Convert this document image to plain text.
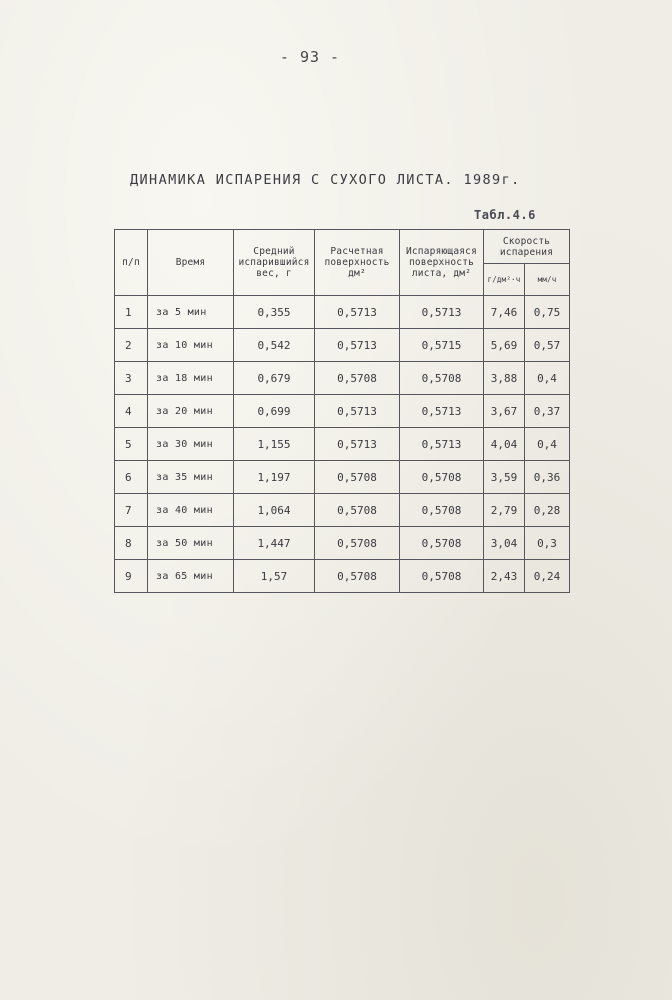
- 93 -
ДИНАМИКА ИСПАРЕНИЯ С СУХОГО ЛИСТА. 1989г.
Табл.4.6
п/п	Время	Средний испарившийся вес, г	Расчетная поверхность дм²	Испаряющаяся поверхность листа, дм²	Скорость испарения	
					г/дм²·ч	мм/ч
1	за 5 мин	0,355	0,5713	0,5713	7,46	0,75
2	за 10 мин	0,542	0,5713	0,5715	5,69	0,57
3	за 18 мин	0,679	0,5708	0,5708	3,88	0,4
4	за 20 мин	0,699	0,5713	0,5713	3,67	0,37
5	за 30 мин	1,155	0,5713	0,5713	4,04	0,4
6	за 35 мин	1,197	0,5708	0,5708	3,59	0,36
7	за 40 мин	1,064	0,5708	0,5708	2,79	0,28
8	за 50 мин	1,447	0,5708	0,5708	3,04	0,3
9	за 65 мин	1,57	0,5708	0,5708	2,43	0,24
